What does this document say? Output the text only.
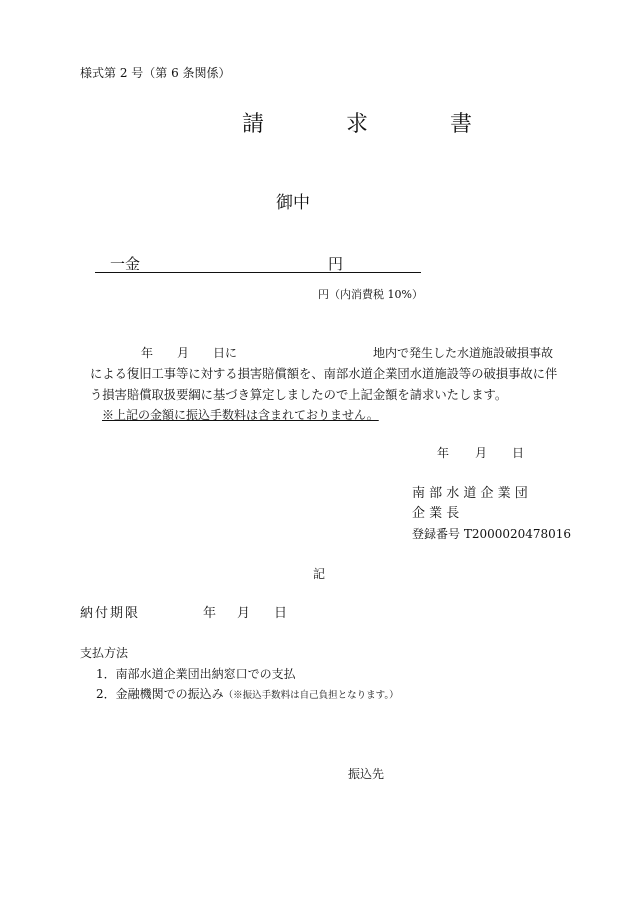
様式第 2 号（第 6 条関係）
請　求　書
御中
一金	円
円（内消費税 10%）
年 月 日に	地内で発生した水道施設破損事故
による復旧工事等に対する損害賠償額を、南部水道企業団水道施設等の破損事故に伴
う損害賠償取扱要綱に基づき算定しましたので上記金額を請求いたします。
※上記の金額に振込手数料は含まれておりません。
年 月 日
南 部 水 道 企 業 団
企 業 長
登録番号 T2000020478016
記
納付期限	年 月 日
支払方法
1．南部水道企業団出納窓口での支払
2．金融機関での振込み（※振込手数料は自己負担となります。）
振込先
